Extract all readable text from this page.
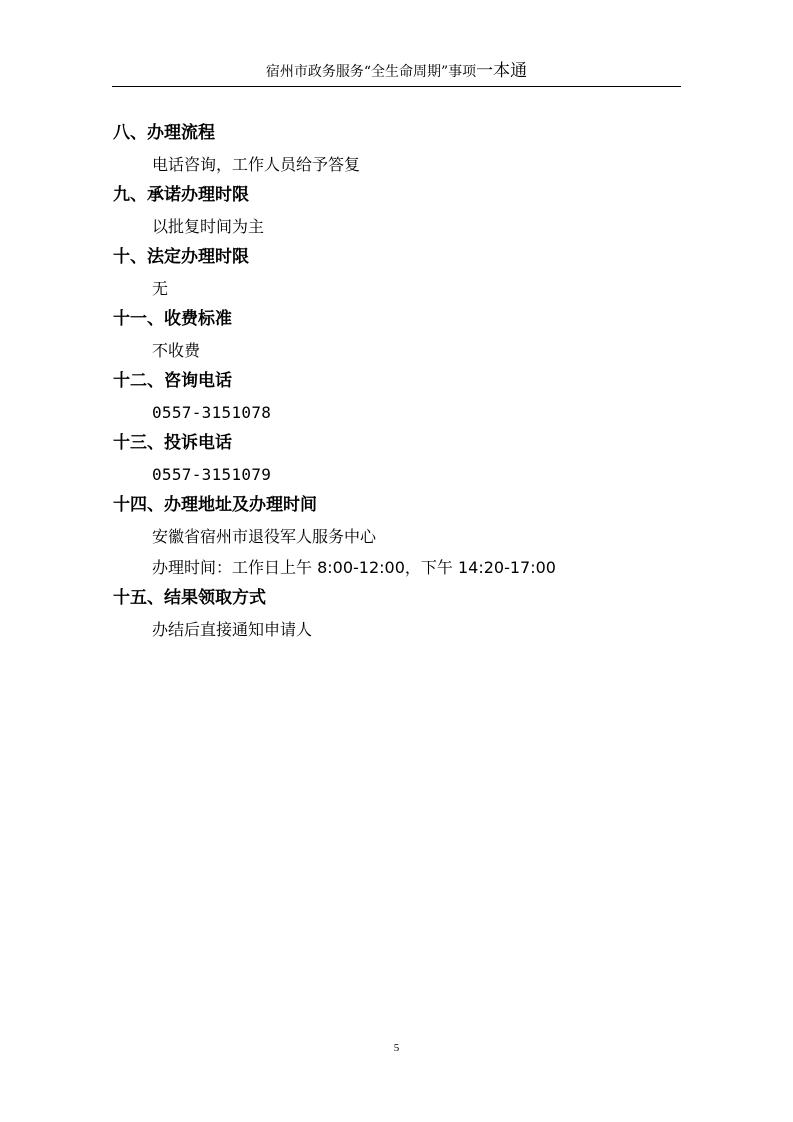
宿州市政务服务“全生命周期”事项一本通
八、办理流程
电话咨询，工作人员给予答复
九、承诺办理时限
以批复时间为主
十、法定办理时限
无
十一、收费标准
不收费
十二、咨询电话
0557-3151078
十三、投诉电话
0557-3151079
十四、办理地址及办理时间
安徽省宿州市退役军人服务中心
办理时间：工作日上午 8:00-12:00，下午 14:20-17:00
十五、结果领取方式
办结后直接通知申请人
5
